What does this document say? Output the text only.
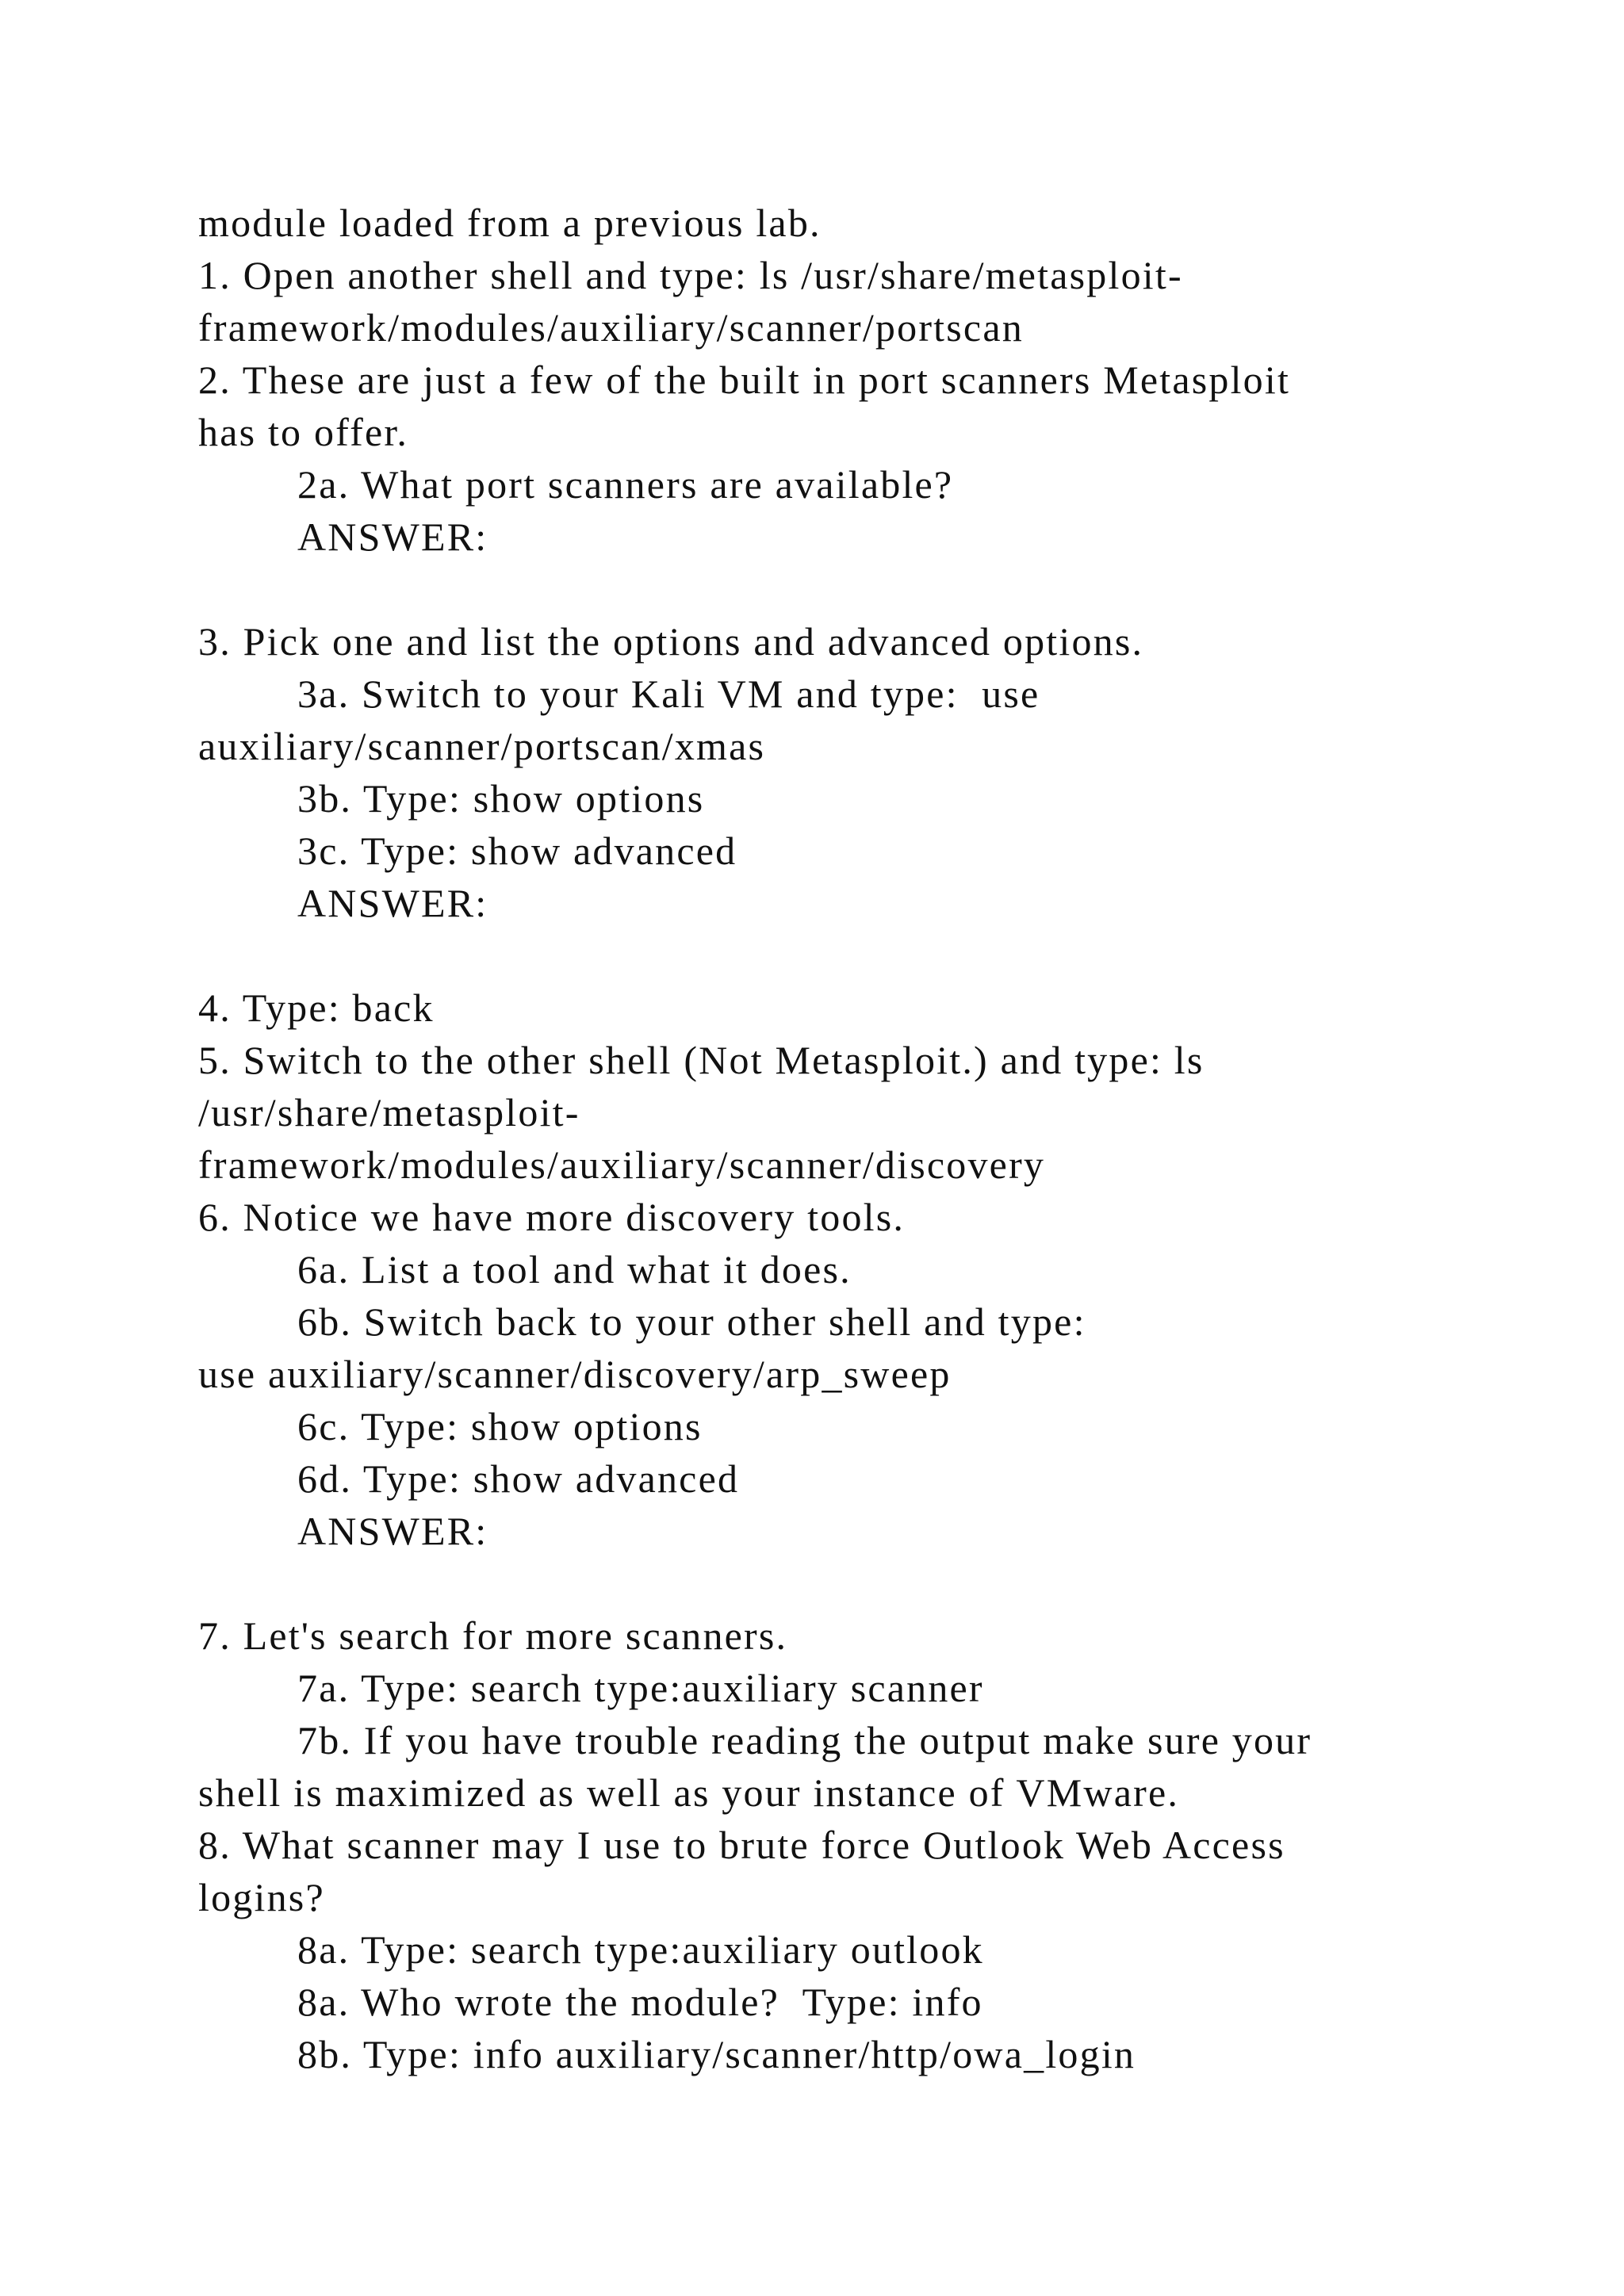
module loaded from a previous lab.
1. Open another shell and type: ls /usr/share/metasploit-
framework/modules/auxiliary/scanner/portscan
2. These are just a few of the built in port scanners Metasploit
has to offer.
2a. What port scanners are available?
ANSWER:
3. Pick one and list the options and advanced options.
3a. Switch to your Kali VM and type:  use
auxiliary/scanner/portscan/xmas
3b. Type: show options
3c. Type: show advanced
ANSWER:
4. Type: back
5. Switch to the other shell (Not Metasploit.) and type: ls
/usr/share/metasploit-
framework/modules/auxiliary/scanner/discovery
6. Notice we have more discovery tools.
6a. List a tool and what it does.
6b. Switch back to your other shell and type:
use auxiliary/scanner/discovery/arp_sweep
6c. Type: show options
6d. Type: show advanced
ANSWER:
7. Let's search for more scanners.
7a. Type: search type:auxiliary scanner
7b. If you have trouble reading the output make sure your
shell is maximized as well as your instance of VMware.
8. What scanner may I use to brute force Outlook Web Access
logins?
8a. Type: search type:auxiliary outlook
8a. Who wrote the module?  Type: info
8b. Type: info auxiliary/scanner/http/owa_login
